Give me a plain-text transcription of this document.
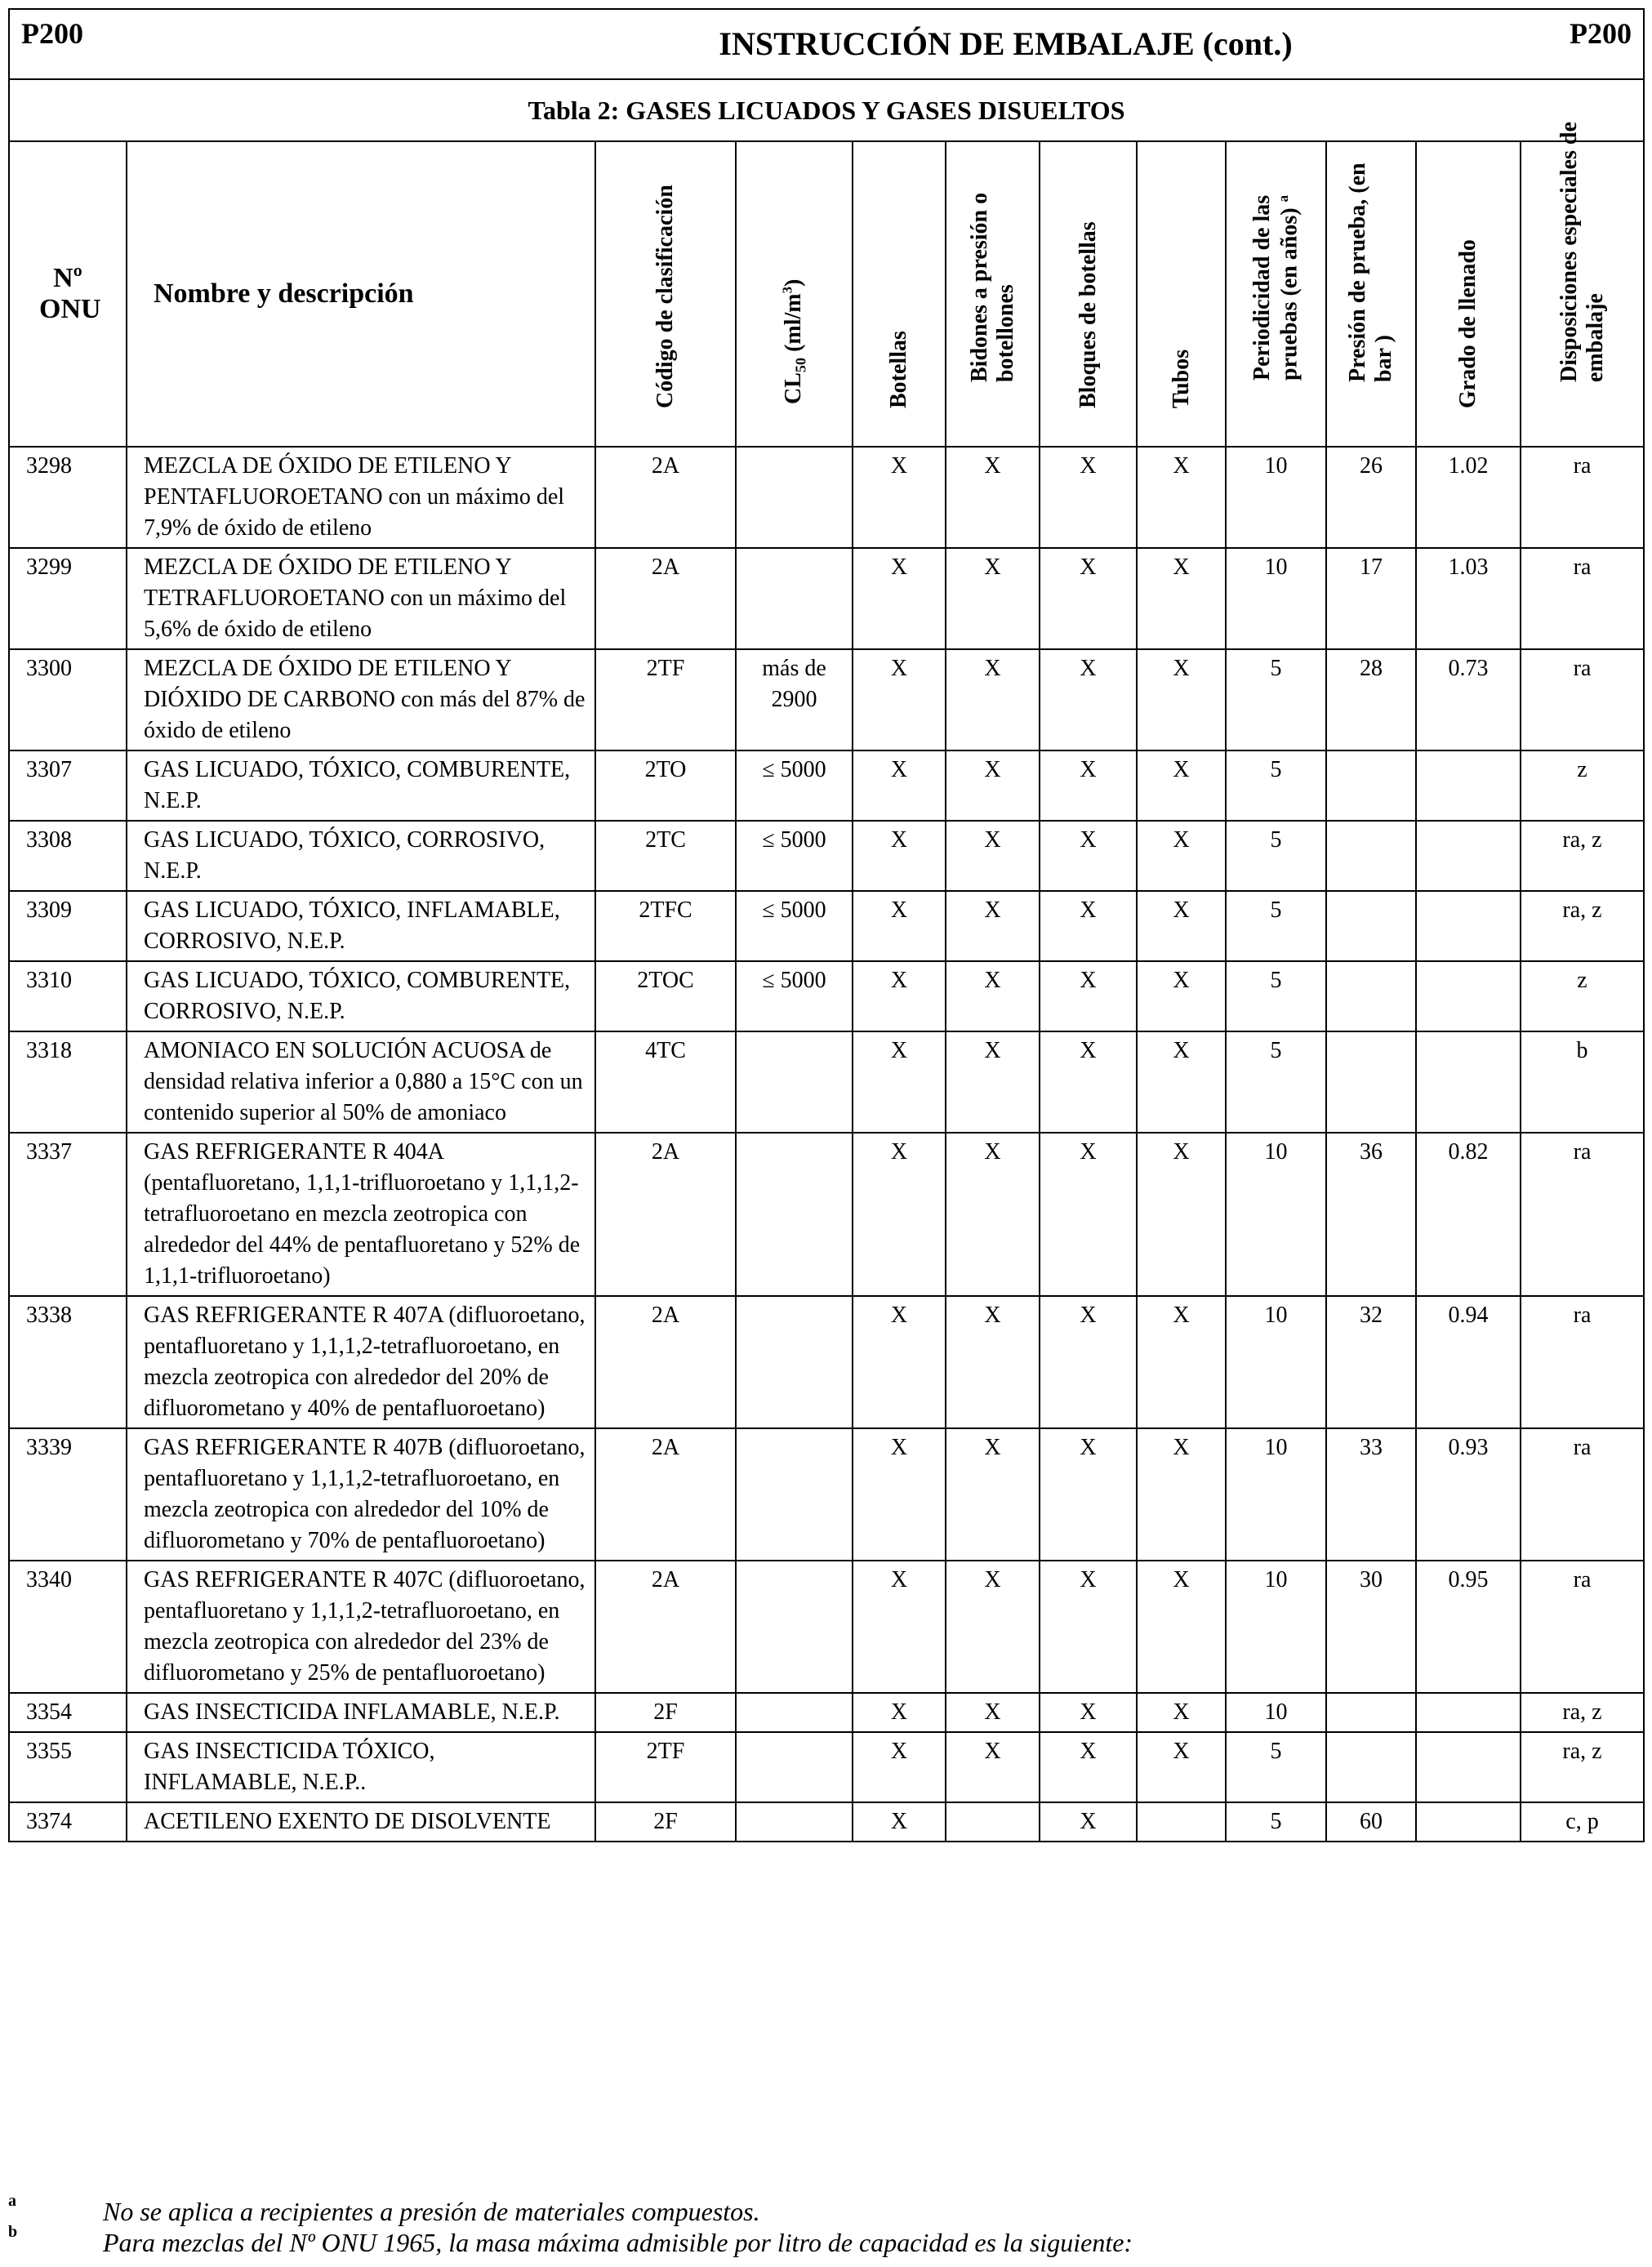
P200		INSTRUCCIÓN DE EMBALAJE (cont.)								P200	
Tabla 2: GASES LICUADOS Y GASES DISUELTOS											
Nº ONU	Nombre y descripción	Código de clasificación	$CL_{50}$ $(ml/m^3)$	Botellas	Bidones a presión o botellones	Bloques de botellas	Tubos	Periodicidad de las pruebas (en años) $^a$	Presión de prueba, (en bar )	Grado de llenado	Disposiciones especiales de embalaje

3298	MEZCLA DE ÓXIDO DE ETILENO Y PENTAFLUOROETANO con un máximo del 7,9% de óxido de etileno	2A		X	X	X	X	10	26	1.02	ra
3299	MEZCLA DE ÓXIDO DE ETILENO Y TETRAFLUOROETANO con un máximo del 5,6% de óxido de etileno	2A		X	X	X	X	10	17	1.03	ra
3300	MEZCLA DE ÓXIDO DE ETILENO Y DIÓXIDO DE CARBONO con más del 87% de óxido de etileno	2TF	más de 2900	X	X	X	X	5	28	0.73	ra
3307	GAS LICUADO, TÓXICO, COMBURENTE, N.E.P.	2TO	≤ 5000	X	X	X	X	5			z
3308	GAS LICUADO, TÓXICO, CORROSIVO, N.E.P.	2TC	≤ 5000	X	X	X	X	5			ra, z
3309	GAS LICUADO, TÓXICO, INFLAMABLE, CORROSIVO, N.E.P.	2TFC	≤ 5000	X	X	X	X	5			ra, z
3310	GAS LICUADO, TÓXICO, COMBURENTE, CORROSIVO, N.E.P.	2TOC	≤ 5000	X	X	X	X	5			z
3318	AMONIACO EN SOLUCIÓN ACUOSA de densidad relativa inferior a 0,880 a 15°C con un contenido superior al 50% de amoniaco	4TC		X	X	X	X	5			b
3337	GAS REFRIGERANTE R 404A (pentafluoretano, 1,1,1-trifluoroetano y 1,1,1,2-tetrafluoroetano en mezcla zeotropica con alrededor del 44% de pentafluoretano y 52% de 1,1,1-trifluoroetano)	2A		X	X	X	X	10	36	0.82	ra
3338	GAS REFRIGERANTE R 407A (difluoroetano, pentafluoretano y 1,1,1,2-tetrafluoroetano, en mezcla zeotropica con alrededor del 20% de difluorometano y 40% de pentafluoroetano)	2A		X	X	X	X	10	32	0.94	ra
3339	GAS REFRIGERANTE R 407B (difluoroetano, pentafluoretano y 1,1,1,2-tetrafluoroetano, en mezcla zeotropica con alrededor del 10% de difluorometano y 70% de pentafluoroetano)	2A		X	X	X	X	10	33	0.93	ra
3340	GAS REFRIGERANTE R 407C (difluoroetano, pentafluoretano y 1,1,1,2-tetrafluoroetano, en mezcla zeotropica con alrededor del 23% de difluorometano y 25% de pentafluoroetano)	2A		X	X	X	X	10	30	0.95	ra
3354	GAS INSECTICIDA INFLAMABLE, N.E.P.	2F		X	X	X	X	10			ra, z
3355	GAS INSECTICIDA TÓXICO, INFLAMABLE, N.E.P..	2TF		X	X	X	X	5			ra, z
3374	ACETILENO EXENTO DE DISOLVENTE	2F		X		X		5	60		c, p
a	No se aplica a recipientes a presión de materiales compuestos.
b	Para mezclas del Nº ONU 1965, la masa máxima admisible por litro de capacidad es la siguiente:
